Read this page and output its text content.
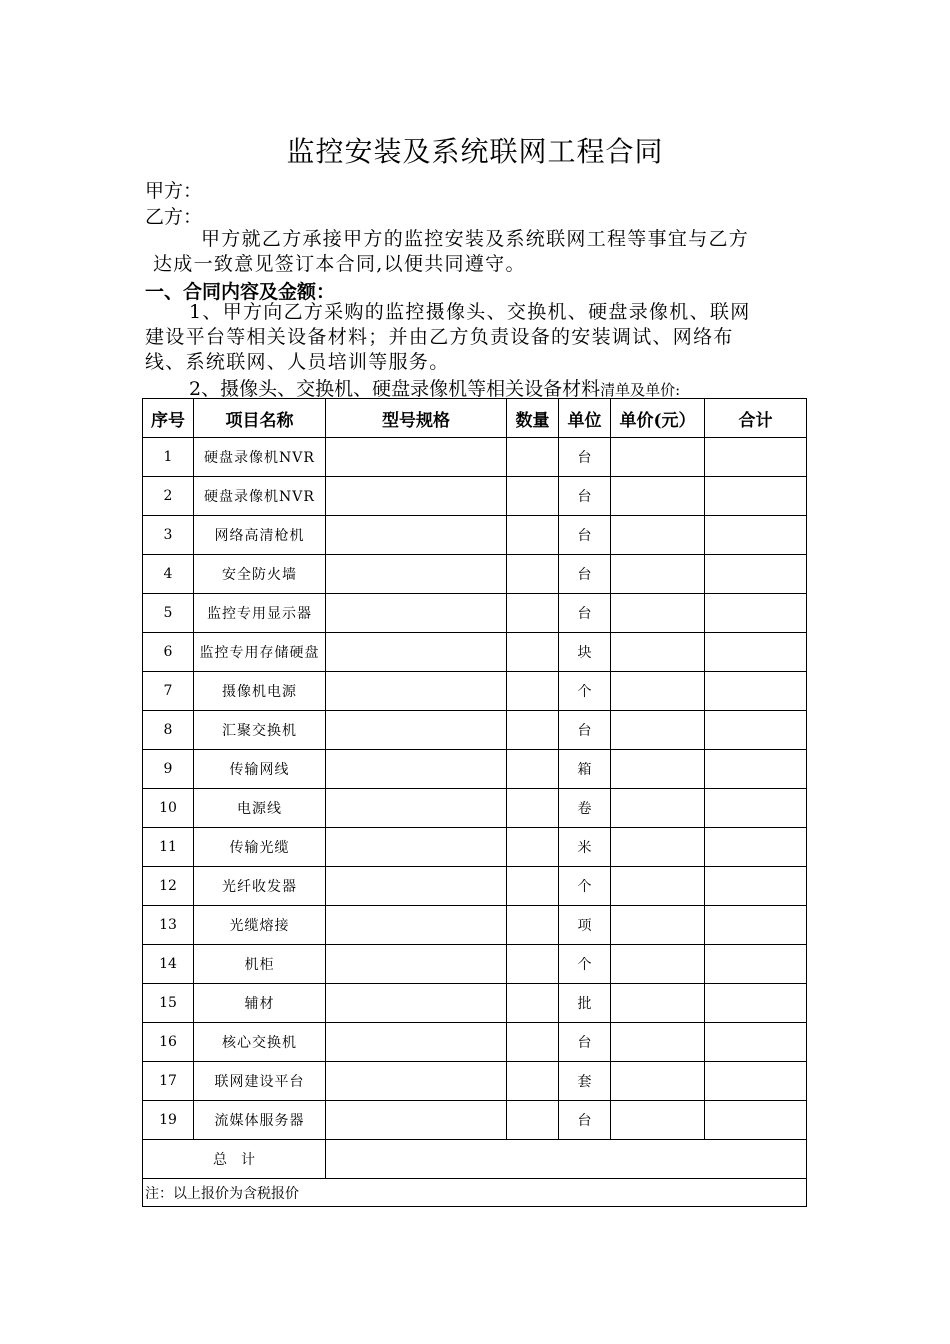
监控安装及系统联网工程合同
甲方：
乙方：
甲方就乙方承接甲方的监控安装及系统联网工程等事宜与乙方
达成一致意见签订本合同,以便共同遵守。
一、合同内容及金额：
1、甲方向乙方采购的监控摄像头、交换机、硬盘录像机、联网
建设平台等相关设备材料；并由乙方负责设备的安装调试、网络布
线、系统联网、人员培训等服务。
2、摄像头、交换机、硬盘录像机等相关设备材料清单及单价:
序号	项目名称	型号规格	数量	单位	单价(元）	合计
1	硬盘录像机NVR			台		
2	硬盘录像机NVR			台		
3	网络高清枪机			台		
4	安全防火墙			台		
5	监控专用显示器			台		
6	监控专用存储硬盘			块		
7	摄像机电源			个		
8	汇聚交换机			台		
9	传输网线			箱		
10	电源线			卷		
11	传输光缆			米		
12	光纤收发器			个		
13	光缆熔接			项		
14	机柜			个		
15	辅材			批		
16	核心交换机			台		
17	联网建设平台			套		
19	流媒体服务器			台		
总　计						
注：以上报价为含税报价						
